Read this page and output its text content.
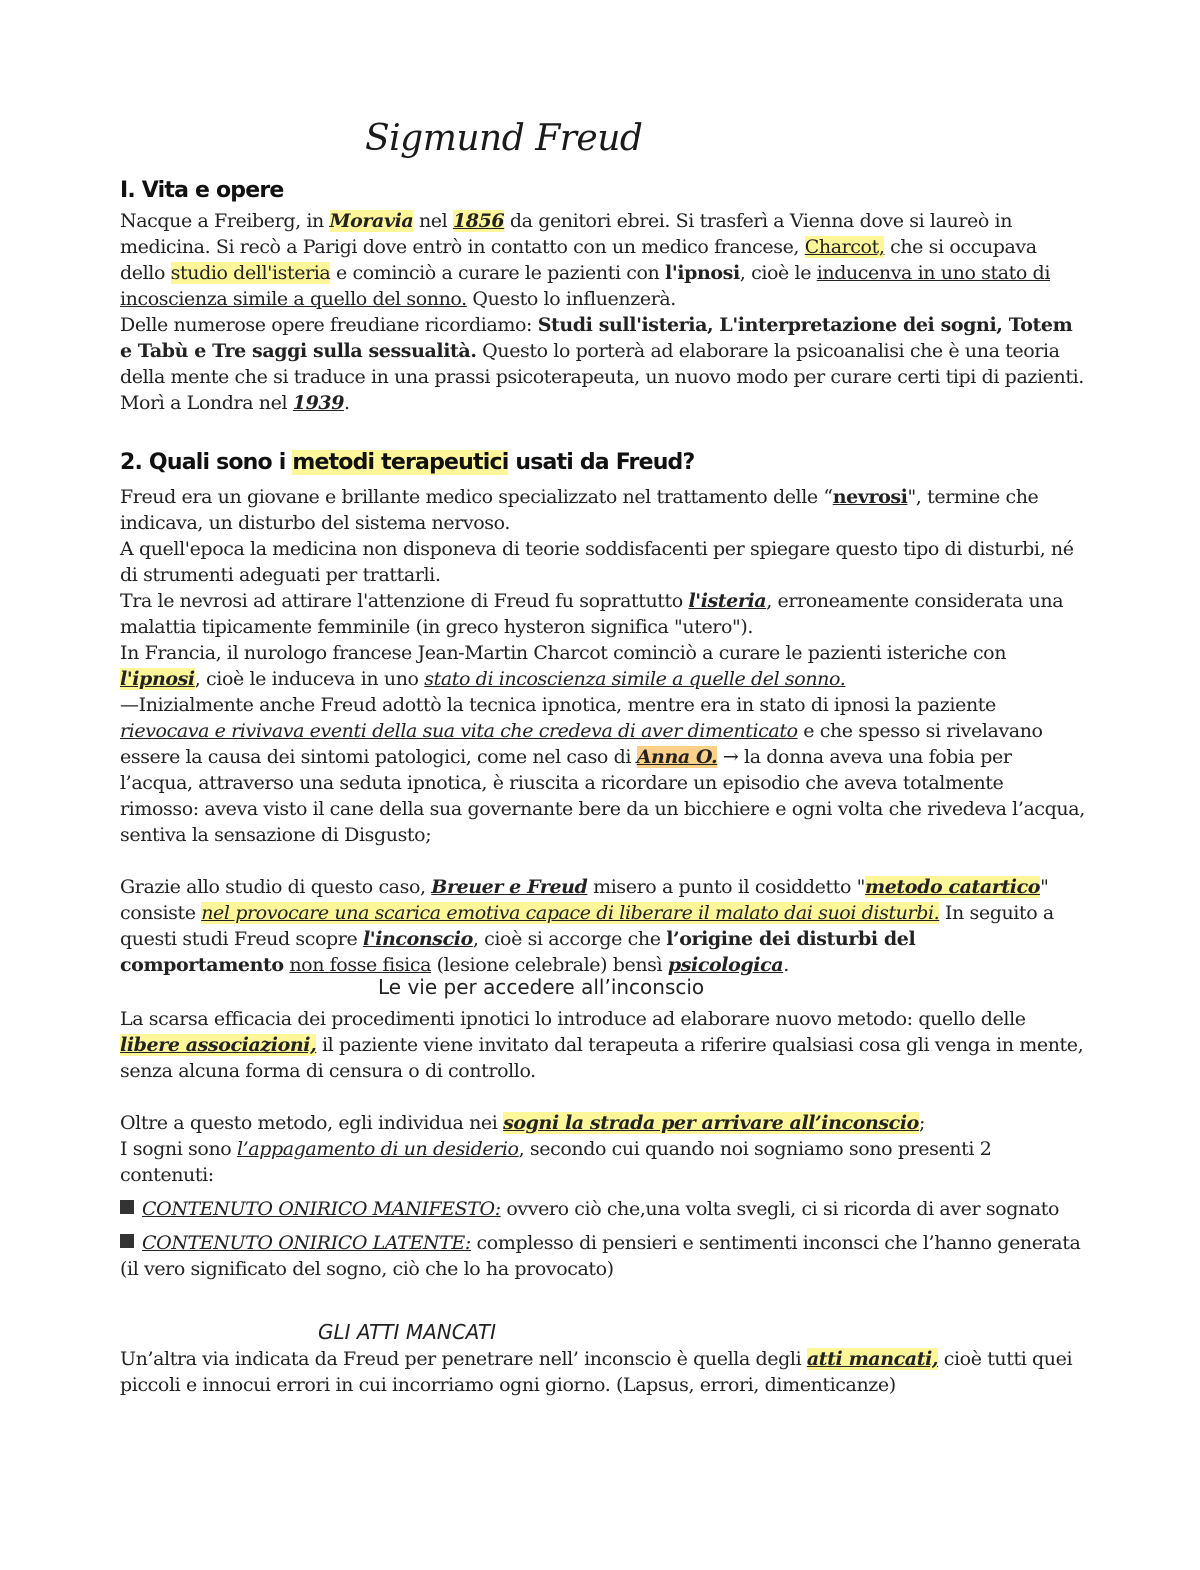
Sigmund Freud
I. Vita e opere

Nacque a Freiberg, in Moravia nel 1856 da genitori ebrei. Si trasferì a Vienna dove si laureò in medicina. Si recò a Parigi dove entrò in contatto con un medico francese, Charcot, che si occupava dello studio dell'isteria e cominciò a curare le pazienti con l'ipnosi, cioè le inducenva in uno stato di incoscienza simile a quello del sonno. Questo lo influenzerà.

Delle numerose opere freudiane ricordiamo: Studi sull'isteria, L'interpretazione dei sogni, Totem e Tabù e Tre saggi sulla sessualità. Questo lo porterà ad elaborare la psicoanalisi che è una teoria della mente che si traduce in una prassi psicoterapeuta, un nuovo modo per curare certi tipi di pazienti.

Morì a Londra nel 1939.

2. Quali sono i metodi terapeutici usati da Freud?

Freud era un giovane e brillante medico specializzato nel trattamento delle “nevrosi", termine che indicava, un disturbo del sistema nervoso.

A quell'epoca la medicina non disponeva di teorie soddisfacenti per spiegare questo tipo di disturbi, né di strumenti adeguati per trattarli.

Tra le nevrosi ad attirare l'attenzione di Freud fu soprattutto l'isteria, erroneamente considerata una malattia tipicamente femminile (in greco hysteron significa "utero").

In Francia, il nurologo francese Jean-Martin Charcot cominciò a curare le pazienti isteriche con l'ipnosi, cioè le induceva in uno stato di incoscienza simile a quelle del sonno.

—Inizialmente anche Freud adottò la tecnica ipnotica, mentre era in stato di ipnosi la paziente rievocava e rivivava eventi della sua vita che credeva di aver dimenticato e che spesso si rivelavano essere la causa dei sintomi patologici, come nel caso di Anna O. → la donna aveva una fobia per l’acqua, attraverso una seduta ipnotica, è riuscita a ricordare un episodio che aveva totalmente rimosso: aveva visto il cane della sua governante bere da un bicchiere e ogni volta che rivedeva l’acqua, sentiva la sensazione di Disgusto;

Grazie allo studio di questo caso, Breuer e Freud misero a punto il cosiddetto "metodo catartico" consiste nel provocare una scarica emotiva capace di liberare il malato dai suoi disturbi. In seguito a questi studi Freud scopre l'inconscio, cioè si accorge che l’origine dei disturbi del comportamento non fosse fisica (lesione celebrale) bensì psicologica.

Le vie per accedere all’inconscio

La scarsa efficacia dei procedimenti ipnotici lo introduce ad elaborare nuovo metodo: quello delle libere associazioni, il paziente viene invitato dal terapeuta a riferire qualsiasi cosa gli venga in mente, senza alcuna forma di censura o di controllo.

Oltre a questo metodo, egli individua nei sogni la strada per arrivare all’inconscio;

I sogni sono l’appagamento di un desiderio, secondo cui quando noi sogniamo sono presenti 2 contenuti:

CONTENUTO ONIRICO MANIFESTO: ovvero ciò che,una volta svegli, ci si ricorda di aver sognato

CONTENUTO ONIRICO LATENTE: complesso di pensieri e sentimenti inconsci che l’hanno generata (il vero significato del sogno, ciò che lo ha provocato)

GLI ATTI MANCATI

Un’altra via indicata da Freud per penetrare nell’ inconscio è quella degli atti mancati, cioè tutti quei piccoli e innocui errori in cui incorriamo ogni giorno. (Lapsus, errori, dimenticanze)
